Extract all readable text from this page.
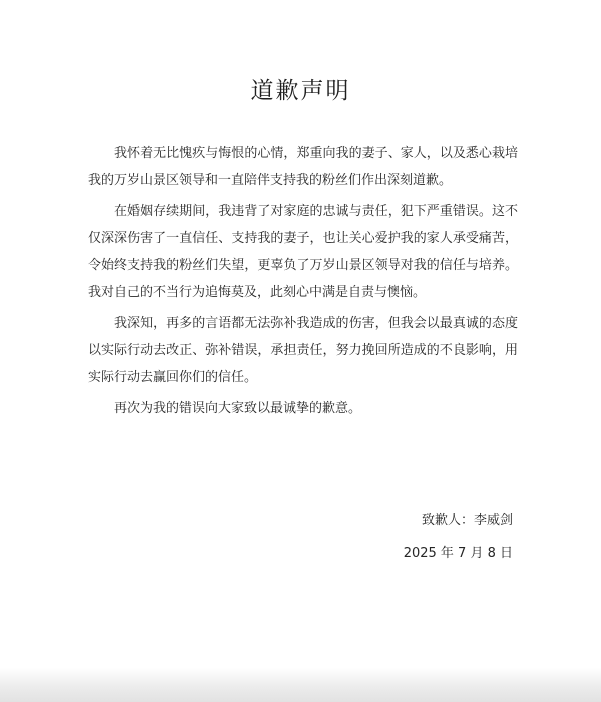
道歉声明

我怀着无比愧疚与悔恨的心情，郑重向我的妻子、家人，以及悉心栽培我的万岁山景区领导和一直陪伴支持我的粉丝们作出深刻道歉。

在婚姻存续期间，我违背了对家庭的忠诚与责任，犯下严重错误。这不仅深深伤害了一直信任、支持我的妻子，也让关心爱护我的家人承受痛苦，令始终支持我的粉丝们失望，更辜负了万岁山景区领导对我的信任与培养。我对自己的不当行为追悔莫及，此刻心中满是自责与懊恼。

我深知，再多的言语都无法弥补我造成的伤害，但我会以最真诚的态度以实际行动去改正、弥补错误，承担责任，努力挽回所造成的不良影响，用实际行动去赢回你们的信任。

再次为我的错误向大家致以最诚挚的歉意。

致歉人：李威剑
2025 年 7 月 8 日
